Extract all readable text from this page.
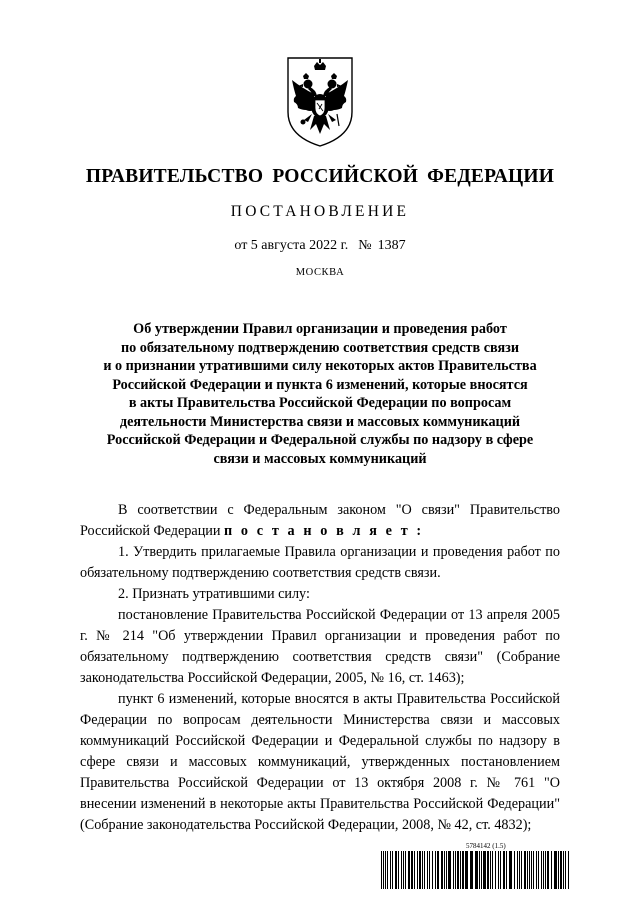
ПРАВИТЕЛЬСТВО РОССИЙСКОЙ ФЕДЕРАЦИИ
ПОСТАНОВЛЕНИЕ
от 5 августа 2022 г. № 1387
МОСКВА
Об утверждении Правил организации и проведения работ
по обязательному подтверждению соответствия средств связи
и о признании утратившими силу некоторых актов Правительства
Российской Федерации и пункта 6 изменений, которые вносятся
в акты Правительства Российской Федерации по вопросам
деятельности Министерства связи и массовых коммуникаций
Российской Федерации и Федеральной службы по надзору в сфере
связи и массовых коммуникаций

В соответствии с Федеральным законом "О связи" Правительство Российской Федерации п о с т а н о в л я е т :

1. Утвердить прилагаемые Правила организации и проведения работ по обязательному подтверждению соответствия средств связи.

2. Признать утратившими силу:

постановление Правительства Российской Федерации от 13 апреля 2005 г. № 214 "Об утверждении Правил организации и проведения работ по обязательному подтверждению соответствия средств связи" (Собрание законодательства Российской Федерации, 2005, № 16, ст. 1463);

пункт 6 изменений, которые вносятся в акты Правительства Российской Федерации по вопросам деятельности Министерства связи и массовых коммуникаций Российской Федерации и Федеральной службы по надзору в сфере связи и массовых коммуникаций, утвержденных постановлением Правительства Российской Федерации от 13 октября 2008 г. № 761 "О внесении изменений в некоторые акты Правительства Российской Федерации" (Собрание законодательства Российской Федерации, 2008, № 42, ст. 4832);

5784142 (1.5)
